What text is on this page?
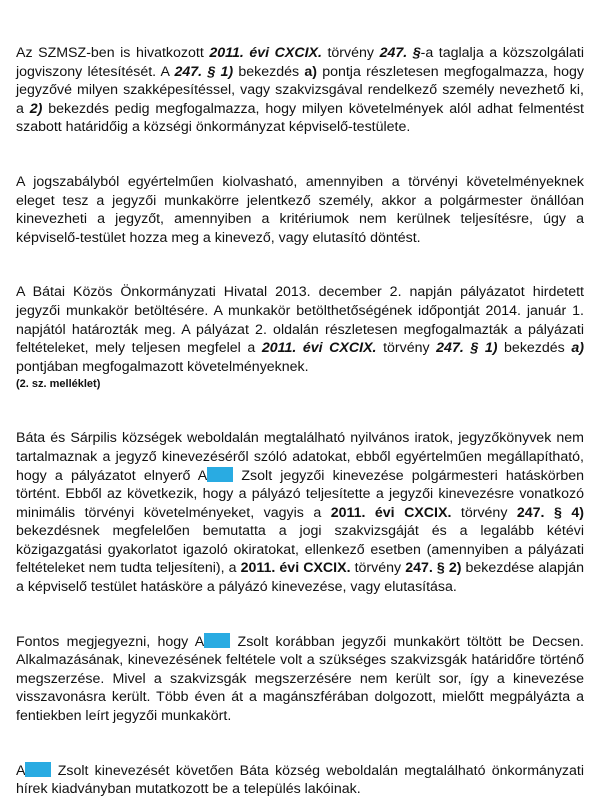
Az SZMSZ-ben is hivatkozott 2011. évi CXCIX. törvény 247. §-a taglalja a közszolgálati jogviszony létesítését. A 247. § 1) bekezdés a) pontja részletesen megfogalmazza, hogy jegyzővé milyen szakképesítéssel, vagy szakvizsgával rendelkező személy nevezhető ki, a 2) bekezdés pedig megfogalmazza, hogy milyen követelmények alól adhat felmentést szabott határidőig a községi önkormányzat képviselő-testülete.

A jogszabályból egyértelműen kiolvasható, amennyiben a törvényi követelményeknek eleget tesz a jegyzői munkakörre jelentkező személy, akkor a polgármester önállóan kinevezheti a jegyzőt, amennyiben a kritériumok nem kerülnek teljesítésre, úgy a képviselő-testület hozza meg a kinevező, vagy elutasító döntést.

A Bátai Közös Önkormányzati Hivatal 2013. december 2. napján pályázatot hirdetett jegyzői munkakör betöltésére. A munkakör betölthetőségének időpontját 2014. január 1. napjától határozták meg. A pályázat 2. oldalán részletesen megfogalmazták a pályázati feltételeket, mely teljesen megfelel a 2011. évi CXCIX. törvény 247. § 1) bekezdés a) pontjában megfogalmazott követelményeknek.

(2. sz. melléklet)

Báta és Sárpilis községek weboldalán megtalálható nyilvános iratok, jegyzőkönyvek nem tartalmaznak a jegyző kinevezéséről szóló adatokat, ebből egyértelműen megállapítható, hogy a pályázatot elnyerő A Zsolt jegyzői kinevezése polgármesteri hatáskörben történt. Ebből az következik, hogy a pályázó teljesítette a jegyzői kinevezésre vonatkozó minimális törvényi követelményeket, vagyis a 2011. évi CXCIX. törvény 247. § 4) bekezdésnek megfelelően bemutatta a jogi szakvizsgáját és a legalább kétévi közigazgatási gyakorlatot igazoló okiratokat, ellenkező esetben (amennyiben a pályázati feltételeket nem tudta teljesíteni), a 2011. évi CXCIX. törvény 247. § 2) bekezdése alapján a képviselő testület hatásköre a pályázó kinevezése, vagy elutasítása.

Fontos megjegyezni, hogy A Zsolt korábban jegyzői munkakört töltött be Decsen. Alkalmazásának, kinevezésének feltétele volt a szükséges szakvizsgák határidőre történő megszerzése. Mivel a szakvizsgák megszerzésére nem került sor, így a kinevezése visszavonásra került. Több éven át a magánszférában dolgozott, mielőtt megpályázta a fentiekben leírt jegyzői munkakört.

A Zsolt kinevezését követően Báta község weboldalán megtalálható önkormányzati hírek kiadványban mutatkozott be a település lakóinak.
